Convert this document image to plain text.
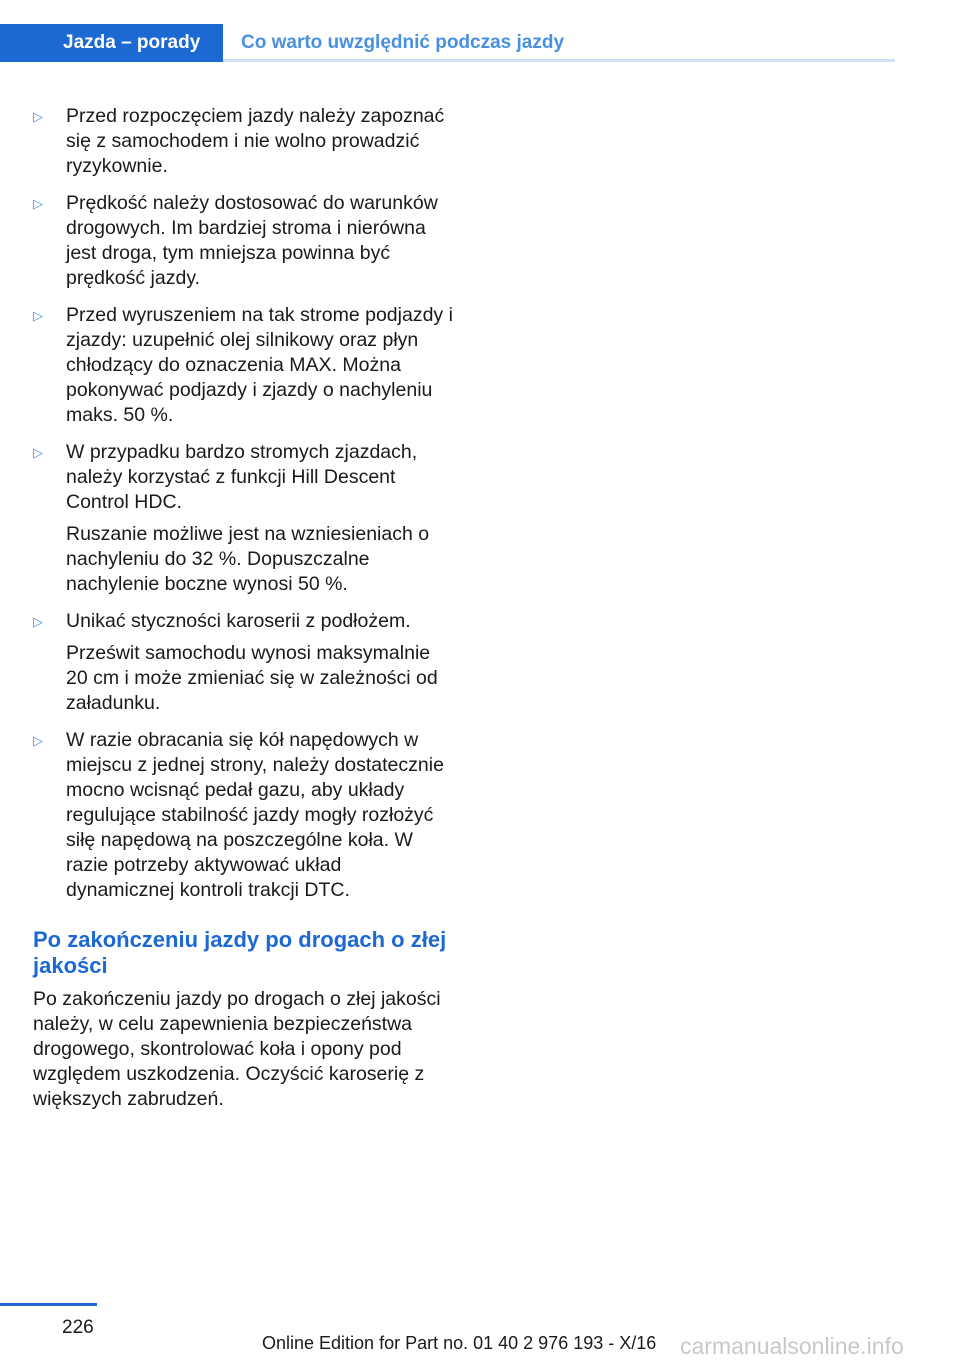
Jazda – porady	Co warto uwzględnić podczas jazdy
▷	Przed rozpoczęciem jazdy należy zapoznać się z samochodem i nie wolno prowadzić ryzykownie.

▷	Prędkość należy dostosować do warunków drogowych. Im bardziej stroma i nierówna jest droga, tym mniejsza powinna być prędkość jazdy.

▷	Przed wyruszeniem na tak strome podjazdy i zjazdy: uzupełnić olej silnikowy oraz płyn chłodzący do oznaczenia MAX. Można pokonywać podjazdy i zjazdy o nachyleniu maks. 50 %.

▷	W przypadku bardzo stromych zjazdach, należy korzystać z funkcji Hill Descent Control HDC.

Ruszanie możliwe jest na wzniesieniach o nachyleniu do 32 %. Dopuszczalne nachylenie boczne wynosi 50 %.

▷	Unikać styczności karoserii z podłożem.

Prześwit samochodu wynosi maksymalnie 20 cm i może zmieniać się w zależności od załadunku.

▷	W razie obracania się kół napędowych w miejscu z jednej strony, należy dostatecznie mocno wcisnąć pedał gazu, aby układy regulujące stabilność jazdy mogły rozłożyć siłę napędową na poszczególne koła. W razie potrzeby aktywować układ dynamicznej kontroli trakcji DTC.

Po zakończeniu jazdy po drogach o złej jakości

Po zakończeniu jazdy po drogach o złej jakości należy, w celu zapewnienia bezpieczeństwa drogowego, skontrolować koła i opony pod względem uszkodzenia. Oczyścić karoserię z większych zabrudzeń.

226
Online Edition for Part no. 01 40 2 976 193 - X/16 carmanualsonline.info
